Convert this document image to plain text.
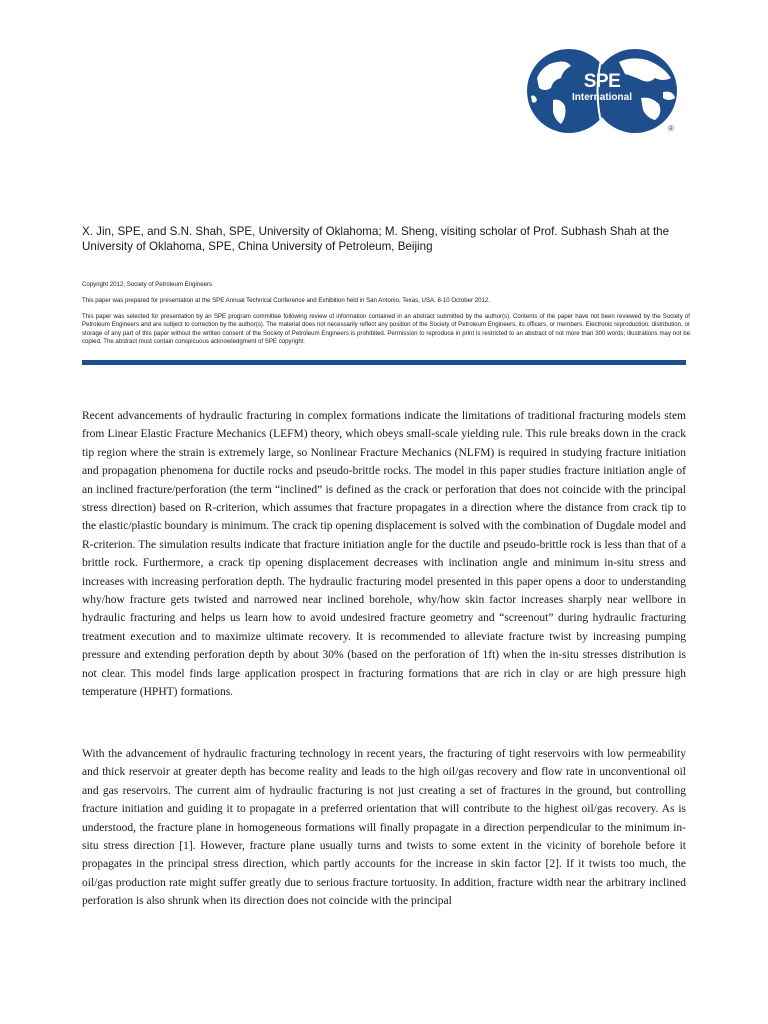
SPE
International
®
X. Jin, SPE, and S.N. Shah, SPE, University of Oklahoma; M. Sheng, visiting scholar of Prof. Subhash Shah at the University of Oklahoma, SPE, China University of Petroleum, Beijing
Copyright 2012, Society of Petroleum Engineers
This paper was prepared for presentation at the SPE Annual Technical Conference and Exhibition held in San Antonio, Texas, USA, 8-10 October 2012.
This paper was selected for presentation by an SPE program committee following review of information contained in an abstract submitted by the author(s). Contents of the paper have not been reviewed by the Society of Petroleum Engineers and are subject to correction by the author(s). The material does not necessarily reflect any position of the Society of Petroleum Engineers, its officers, or members. Electronic reproduction, distribution, or storage of any part of this paper without the written consent of the Society of Petroleum Engineers is prohibited. Permission to reproduce in print is restricted to an abstract of not more than 300 words; illustrations may not be copied. The abstract must contain conspicuous acknowledgment of SPE copyright.
Recent advancements of hydraulic fracturing in complex formations indicate the limitations of traditional fracturing models stem from Linear Elastic Fracture Mechanics (LEFM) theory, which obeys small-scale yielding rule. This rule breaks down in the crack tip region where the strain is extremely large, so Nonlinear Fracture Mechanics (NLFM) is required in studying fracture initiation and propagation phenomena for ductile rocks and pseudo-brittle rocks. The model in this paper studies fracture initiation angle of an inclined fracture/perforation (the term “inclined” is defined as the crack or perforation that does not coincide with the principal stress direction) based on R-criterion, which assumes that fracture propagates in a direction where the distance from crack tip to the elastic/plastic boundary is minimum. The crack tip opening displacement is solved with the combination of Dugdale model and R-criterion. The simulation results indicate that fracture initiation angle for the ductile and pseudo-brittle rock is less than that of a brittle rock. Furthermore, a crack tip opening displacement decreases with inclination angle and minimum in-situ stress and increases with increasing perforation depth. The hydraulic fracturing model presented in this paper opens a door to understanding why/how fracture gets twisted and narrowed near inclined borehole, why/how skin factor increases sharply near wellbore in hydraulic fracturing and helps us learn how to avoid undesired fracture geometry and “screenout” during hydraulic fracturing treatment execution and to maximize ultimate recovery. It is recommended to alleviate fracture twist by increasing pumping pressure and extending perforation depth by about 30% (based on the perforation of 1ft) when the in-situ stresses distribution is not clear. This model finds large application prospect in fracturing formations that are rich in clay or are high pressure high temperature (HPHT) formations.
With the advancement of hydraulic fracturing technology in recent years, the fracturing of tight reservoirs with low permeability and thick reservoir at greater depth has become reality and leads to the high oil/gas recovery and flow rate in unconventional oil and gas reservoirs. The current aim of hydraulic fracturing is not just creating a set of fractures in the ground, but controlling fracture initiation and guiding it to propagate in a preferred orientation that will contribute to the highest oil/gas recovery. As is understood, the fracture plane in homogeneous formations will finally propagate in a direction perpendicular to the minimum in-situ stress direction [1]. However, fracture plane usually turns and twists to some extent in the vicinity of borehole before it propagates in the principal stress direction, which partly accounts for the increase in skin factor [2]. If it twists too much, the oil/gas production rate might suffer greatly due to serious fracture tortuosity. In addition, fracture width near the arbitrary inclined perforation is also shrunk when its direction does not coincide with the principal
